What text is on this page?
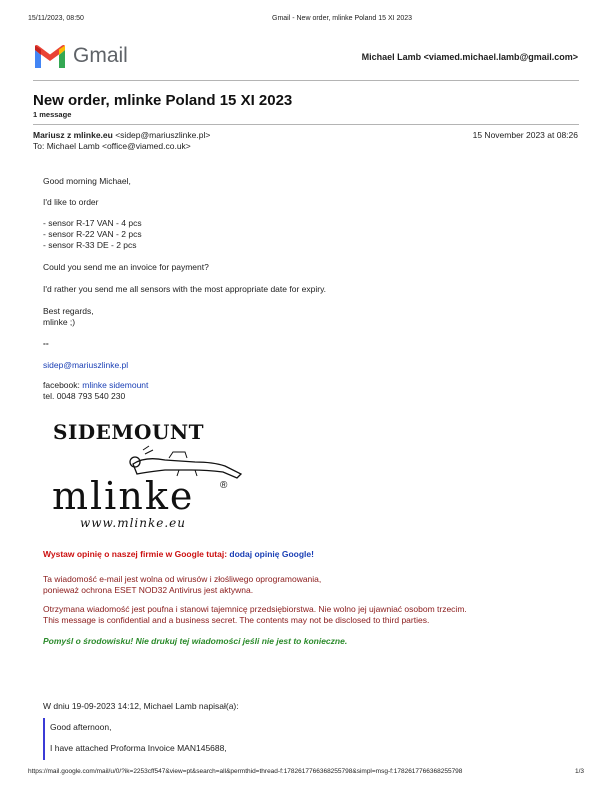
15/11/2023, 08:50	Gmail - New order, mlinke Poland 15 XI 2023
Gmail	Michael Lamb <viamed.michael.lamb@gmail.com>
New order, mlinke Poland 15 XI 2023
1 message
Mariusz z mlinke.eu <sidep@mariuszlinke.pl>	15 November 2023 at 08:26
To: Michael Lamb <office@viamed.co.uk>
Good morning Michael,
I'd like to order
- sensor R-17 VAN - 4 pcs
- sensor R-22 VAN - 2 pcs
- sensor R-33 DE - 2 pcs
Could you send me an invoice for payment?
I'd rather you send me all sensors with the most appropriate date for expiry.
Best regards,
mlinke ;)
--
sidep@mariuszlinke.pl
facebook: mlinke sidemount
tel. 0048 793 540 230
SIDEMOUNT
mlinke	®
www.mlinke.eu
Wystaw opinię o naszej firmie w Google tutaj: dodaj opinię Google!
Ta wiadomość e-mail jest wolna od wirusów i złośliwego oprogramowania,
ponieważ ochrona ESET NOD32 Antivirus jest aktywna.
Otrzymana wiadomość jest poufna i stanowi tajemnicę przedsiębiorstwa. Nie wolno jej ujawniać osobom trzecim.
This message is confidential and a business secret. The contents may not be disclosed to third parties.
Pomyśl o środowisku! Nie drukuj tej wiadomości jeśli nie jest to konieczne.
W dniu 19-09-2023 14:12, Michael Lamb napisał(a):
Good afternoon,
I have attached Proforma Invoice MAN145688,
https://mail.google.com/mail/u/0/?ik=2253cff547&view=pt&search=all&permthid=thread-f:1782617766368255798&simpl=msg-f:1782617766368255798	1/3
